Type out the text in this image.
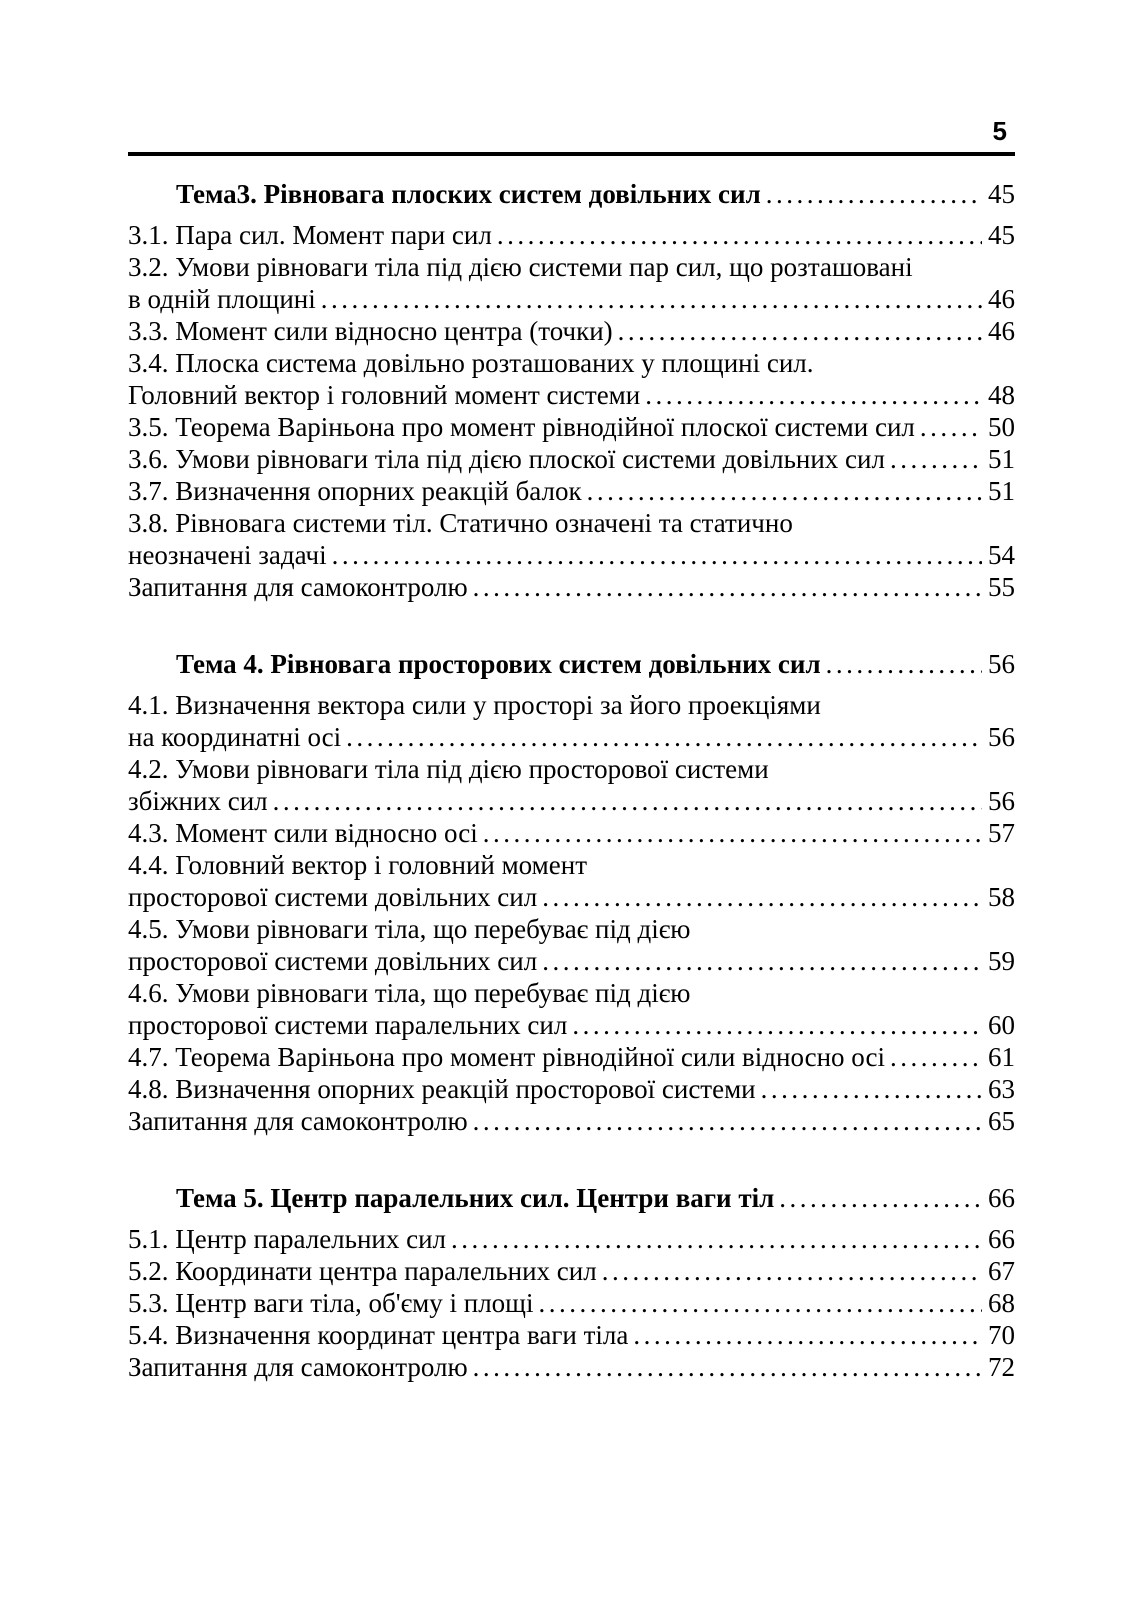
5
Тема3. Рівновага плоских систем довільних сил .....	45
3.1. Пара сил. Момент пари сил .....	45
3.2. Умови рівноваги тіла під дією системи пар сил, що розташовані
в одній площині .....	46
3.3. Момент сили відносно центра (точки) .....	46
3.4. Плоска система довільно розташованих у площині сил.
Головний вектор і головний момент системи .....	48
3.5. Теорема Варіньона про момент рівнодійної плоскої системи сил .....	50
3.6. Умови рівноваги тіла під дією плоскої системи довільних сил .....	51
3.7. Визначення опорних реакцій балок .....	51
3.8. Рівновага системи тіл. Статично означені та статично
неозначені задачі .....	54
Запитання для самоконтролю .....	55
Тема 4. Рівновага просторових систем довільних сил .....	56
4.1. Визначення вектора сили у просторі за його проекціями
на координатні осі .....	56
4.2. Умови рівноваги тіла під дією просторової системи
збіжних сил .....	56
4.3. Момент сили відносно осі .....	57
4.4. Головний вектор і головний момент
просторової системи довільних сил .....	58
4.5. Умови рівноваги тіла, що перебуває під дією
просторової системи довільних сил .....	59
4.6. Умови рівноваги тіла, що перебуває під дією
просторової системи паралельних сил .....	60
4.7. Теорема Варіньона про момент рівнодійної сили відносно осі .....	61
4.8. Визначення опорних реакцій просторової системи .....	63
Запитання для самоконтролю .....	65
Тема 5. Центр паралельних сил. Центри ваги тіл .....	66
5.1. Центр паралельних сил .....	66
5.2. Координати центра паралельних сил .....	67
5.3. Центр ваги тіла, об'єму і площі .....	68
5.4. Визначення координат центра ваги тіла .....	70
Запитання для самоконтролю .....	72
